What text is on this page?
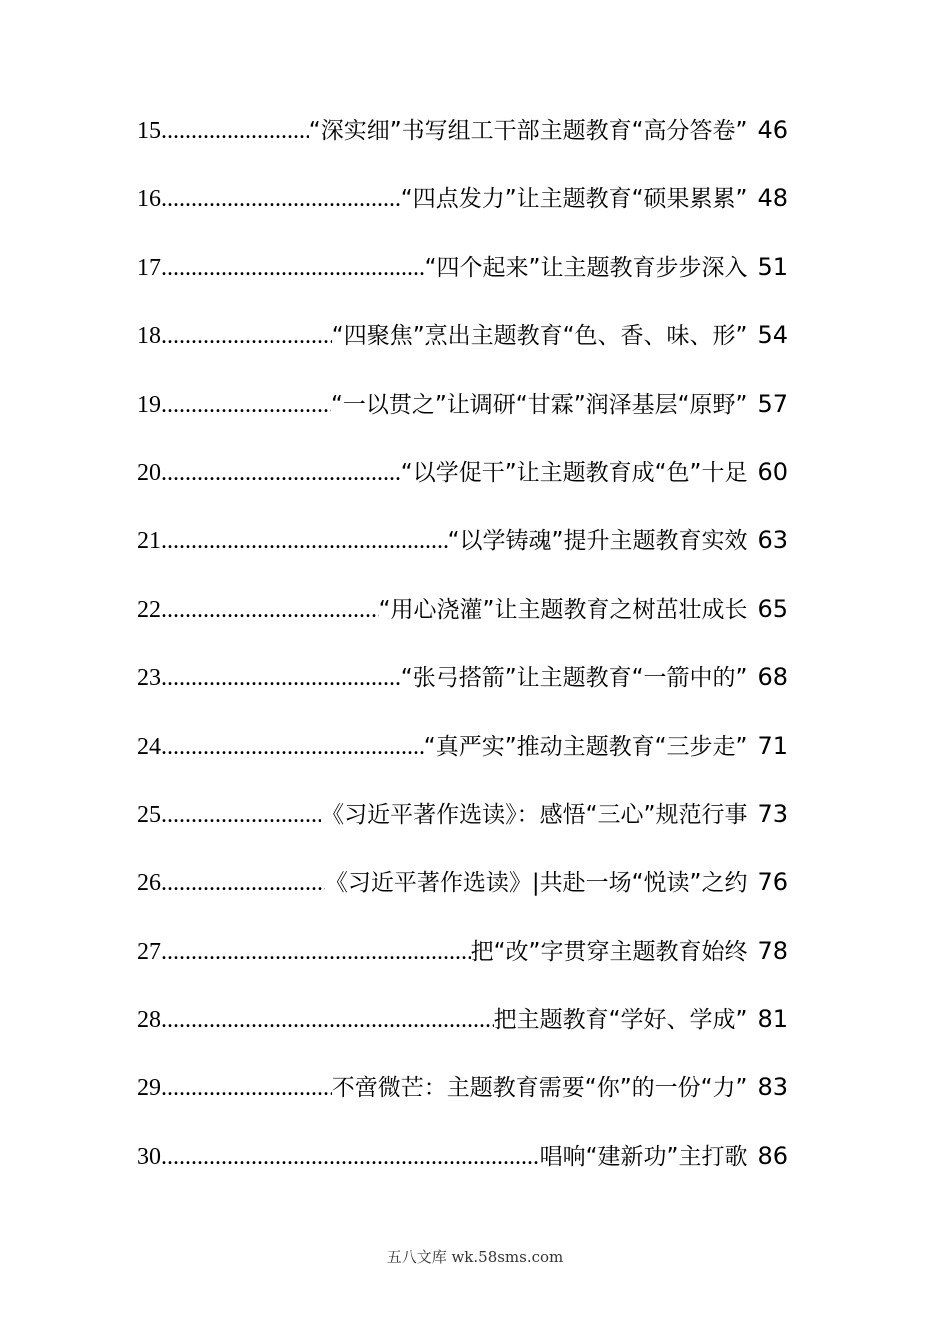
15 .....	“深实细”书写组工干部主题教育“高分答卷” 46
16 .....	“四点发力”让主题教育“硕果累累” 48
17 .....	“四个起来”让主题教育步步深入 51
18 .....	“四聚焦”烹出主题教育“色、香、味、形” 54
19 .....	“一以贯之”让调研“甘霖”润泽基层“原野” 57
20 .....	“以学促干”让主题教育成“色”十足 60
21 .....	“以学铸魂”提升主题教育实效 63
22 .....	“用心浇灌”让主题教育之树茁壮成长 65
23 .....	“张弓搭箭”让主题教育“一箭中的” 68
24 .....	“真严实”推动主题教育“三步走” 71
25 .....	《习近平著作选读》：感悟“三心”规范行事 73
26 .....	《习近平著作选读》|共赴一场“悦读”之约 76
27 .....	把“改”字贯穿主题教育始终 78
28 .....	把主题教育“学好、学成” 81
29 .....	不啻微芒：主题教育需要“你”的一份“力” 83
30 .....	唱响“建新功”主打歌 86
五八文库 wk.58sms.com
